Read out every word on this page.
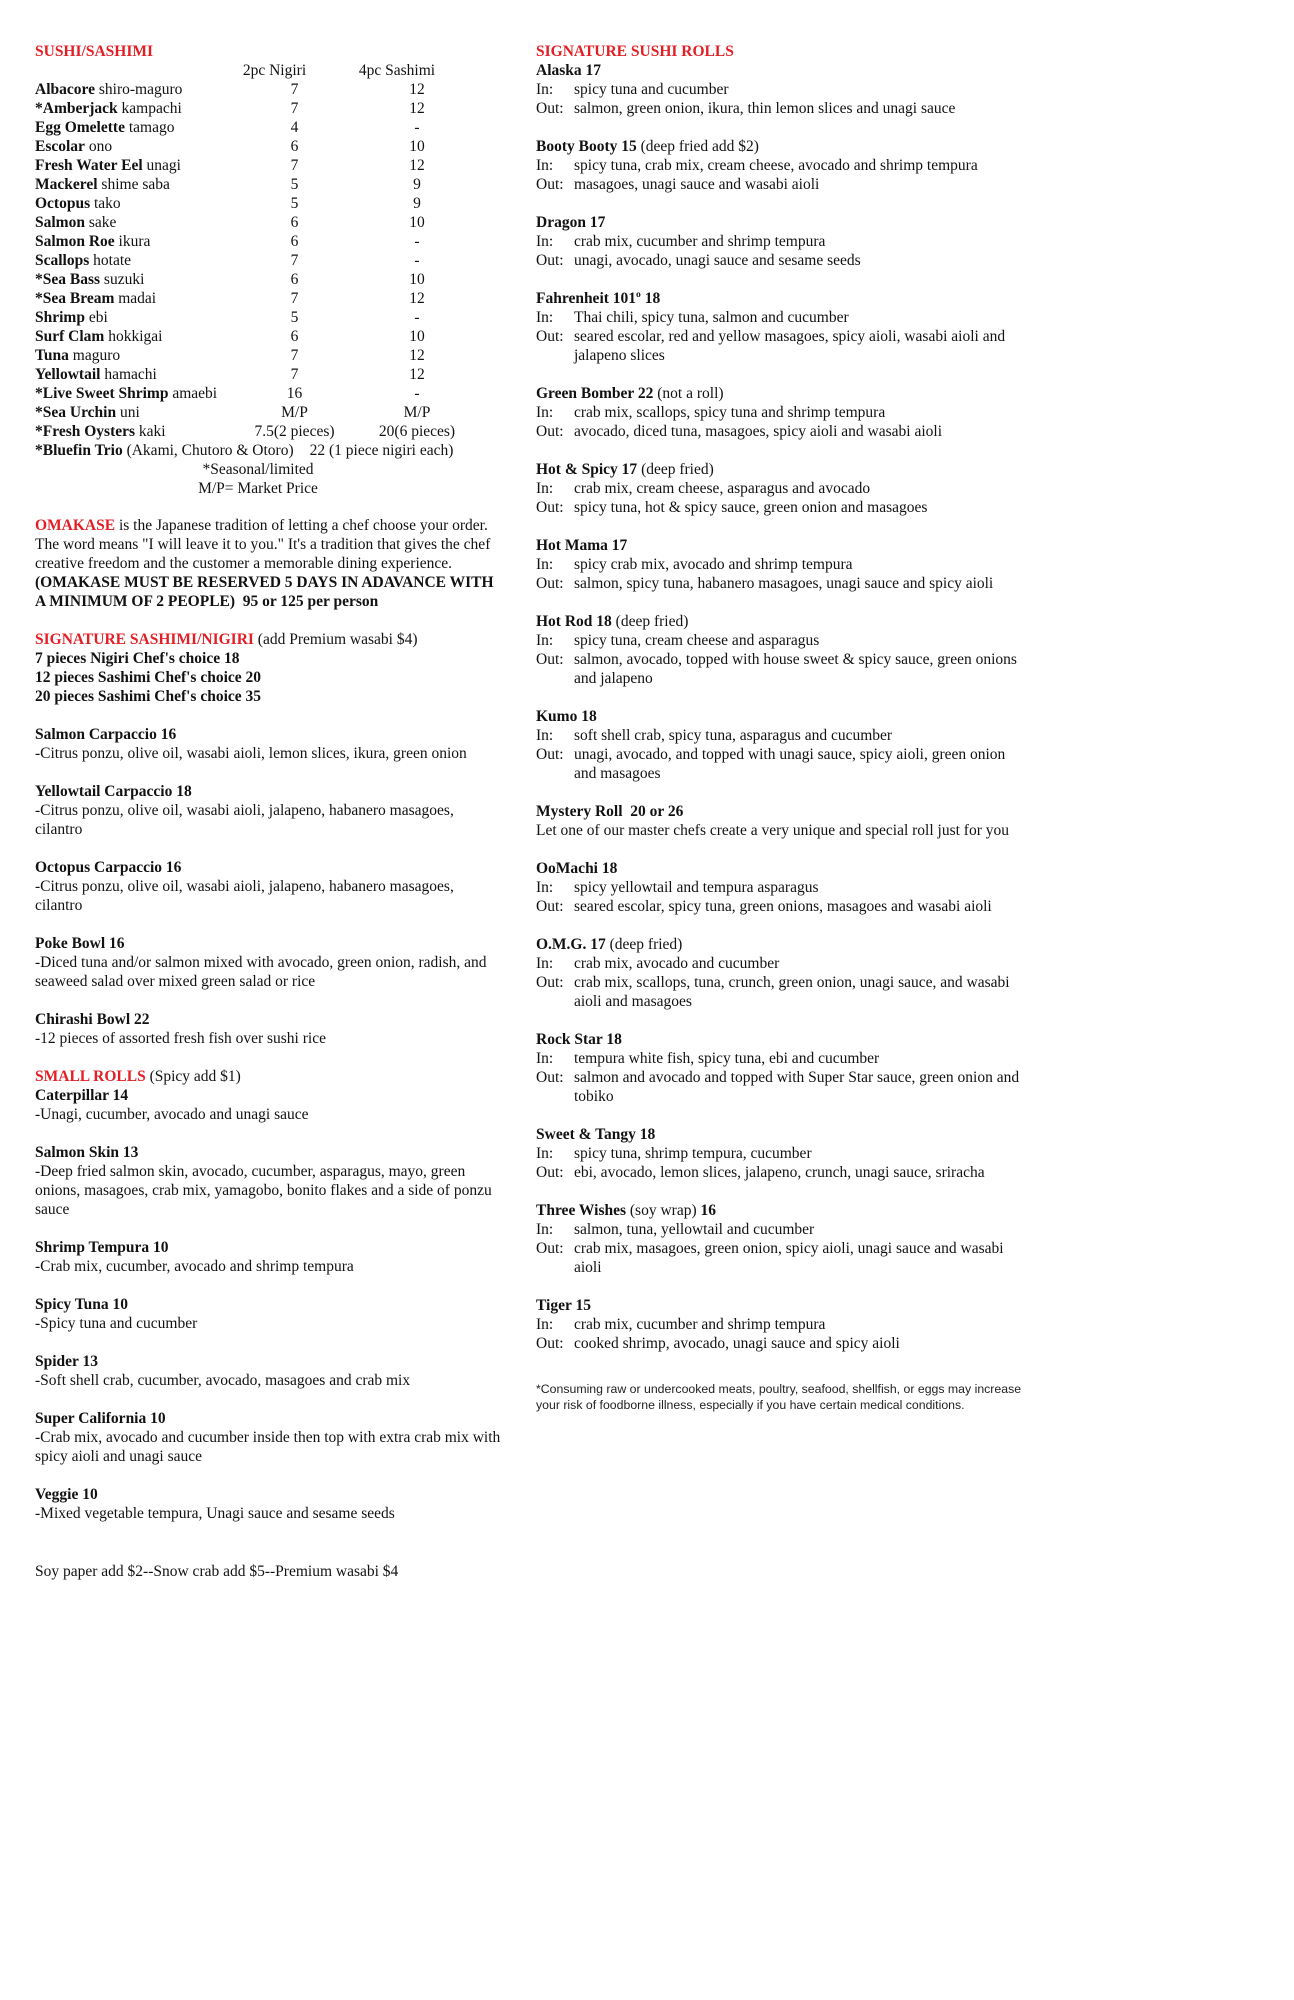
SUSHI/SASHIMI
2pc Nigiri	4pc Sashimi
Albacore shiro-maguro	7	12
*Amberjack kampachi	7	12
Egg Omelette tamago	4	-
Escolar ono	6	10
Fresh Water Eel unagi	7	12
Mackerel shime saba	5	9
Octopus tako	5	9
Salmon sake	6	10
Salmon Roe ikura	6	-
Scallops hotate	7	-
*Sea Bass suzuki	6	10
*Sea Bream madai	7	12
Shrimp ebi	5	-
Surf Clam hokkigai	6	10
Tuna maguro	7	12
Yellowtail hamachi	7	12
*Live Sweet Shrimp amaebi	16	-
*Sea Urchin uni	M/P	M/P
*Fresh Oysters kaki	7.5(2 pieces)	20(6 pieces)
*Bluefin Trio (Akami, Chutoro & Otoro) 22 (1 piece nigiri each)
*Seasonal/limited
M/P= Market Price

OMAKASE is the Japanese tradition of letting a chef choose your order. The word means "I will leave it to you." It's a tradition that gives the chef creative freedom and the customer a memorable dining experience.

(OMAKASE MUST BE RESERVED 5 DAYS IN ADAVANCE WITH A MINIMUM OF 2 PEOPLE)  95 or 125 per person

SIGNATURE SASHIMI/NIGIRI (add Premium wasabi $4)
7 pieces Nigiri Chef's choice 18
12 pieces Sashimi Chef's choice 20
20 pieces Sashimi Chef's choice 35
Salmon Carpaccio 16
-Citrus ponzu, olive oil, wasabi aioli, lemon slices, ikura, green onion
Yellowtail Carpaccio 18
-Citrus ponzu, olive oil, wasabi aioli, jalapeno, habanero masagoes, cilantro
Octopus Carpaccio 16
-Citrus ponzu, olive oil, wasabi aioli, jalapeno, habanero masagoes, cilantro
Poke Bowl 16
-Diced tuna and/or salmon mixed with avocado, green onion, radish, and seaweed salad over mixed green salad or rice
Chirashi Bowl 22
-12 pieces of assorted fresh fish over sushi rice
SMALL ROLLS (Spicy add $1)
Caterpillar 14
-Unagi, cucumber, avocado and unagi sauce
Salmon Skin 13
-Deep fried salmon skin, avocado, cucumber, asparagus, mayo, green onions, masagoes, crab mix, yamagobo, bonito flakes and a side of ponzu sauce
Shrimp Tempura 10
-Crab mix, cucumber, avocado and shrimp tempura
Spicy Tuna 10
-Spicy tuna and cucumber
Spider 13
-Soft shell crab, cucumber, avocado, masagoes and crab mix
Super California 10
-Crab mix, avocado and cucumber inside then top with extra crab mix with spicy aioli and unagi sauce
Veggie 10
-Mixed vegetable tempura, Unagi sauce and sesame seeds
SIGNATURE SUSHI ROLLS
Alaska 17
In: spicy tuna and cucumber
Out: salmon, green onion, ikura, thin lemon slices and unagi sauce
Booty Booty 15 (deep fried add $2)
In: spicy tuna, crab mix, cream cheese, avocado and shrimp tempura
Out: masagoes, unagi sauce and wasabi aioli
Dragon 17
In: crab mix, cucumber and shrimp tempura
Out: unagi, avocado, unagi sauce and sesame seeds
Fahrenheit 101$^o$ 18
In: Thai chili, spicy tuna, salmon and cucumber
Out: seared escolar, red and yellow masagoes, spicy aioli, wasabi aioli and jalapeno slices
Green Bomber 22 (not a roll)
In: crab mix, scallops, spicy tuna and shrimp tempura
Out: avocado, diced tuna, masagoes, spicy aioli and wasabi aioli
Hot & Spicy 17 (deep fried)
In: crab mix, cream cheese, asparagus and avocado
Out: spicy tuna, hot & spicy sauce, green onion and masagoes
Hot Mama 17
In: spicy crab mix, avocado and shrimp tempura
Out: salmon, spicy tuna, habanero masagoes, unagi sauce and spicy aioli
Hot Rod 18 (deep fried)
In: spicy tuna, cream cheese and asparagus
Out: salmon, avocado, topped with house sweet & spicy sauce, green onions and jalapeno
Kumo 18
In: soft shell crab, spicy tuna, asparagus and cucumber
Out: unagi, avocado, and topped with unagi sauce, spicy aioli, green onion and masagoes
Mystery Roll  20 or 26
Let one of our master chefs create a very unique and special roll just for you
OoMachi 18
In: spicy yellowtail and tempura asparagus
Out: seared escolar, spicy tuna, green onions, masagoes and wasabi aioli
O.M.G. 17 (deep fried)
In: crab mix, avocado and cucumber
Out: crab mix, scallops, tuna, crunch, green onion, unagi sauce, and wasabi aioli and masagoes
Rock Star 18
In: tempura white fish, spicy tuna, ebi and cucumber
Out: salmon and avocado and topped with Super Star sauce, green onion and tobiko
Sweet & Tangy 18
In: spicy tuna, shrimp tempura, cucumber
Out: ebi, avocado, lemon slices, jalapeno, crunch, unagi sauce, sriracha
Three Wishes (soy wrap) 16
In: salmon, tuna, yellowtail and cucumber
Out: crab mix, masagoes, green onion, spicy aioli, unagi sauce and wasabi aioli
Tiger 15
In: crab mix, cucumber and shrimp tempura
Out: cooked shrimp, avocado, unagi sauce and spicy aioli

*Consuming raw or undercooked meats, poultry, seafood, shellfish, or eggs may increase your risk of foodborne illness, especially if you have certain medical conditions.

Soy paper add $2--Snow crab add $5--Premium wasabi $4
